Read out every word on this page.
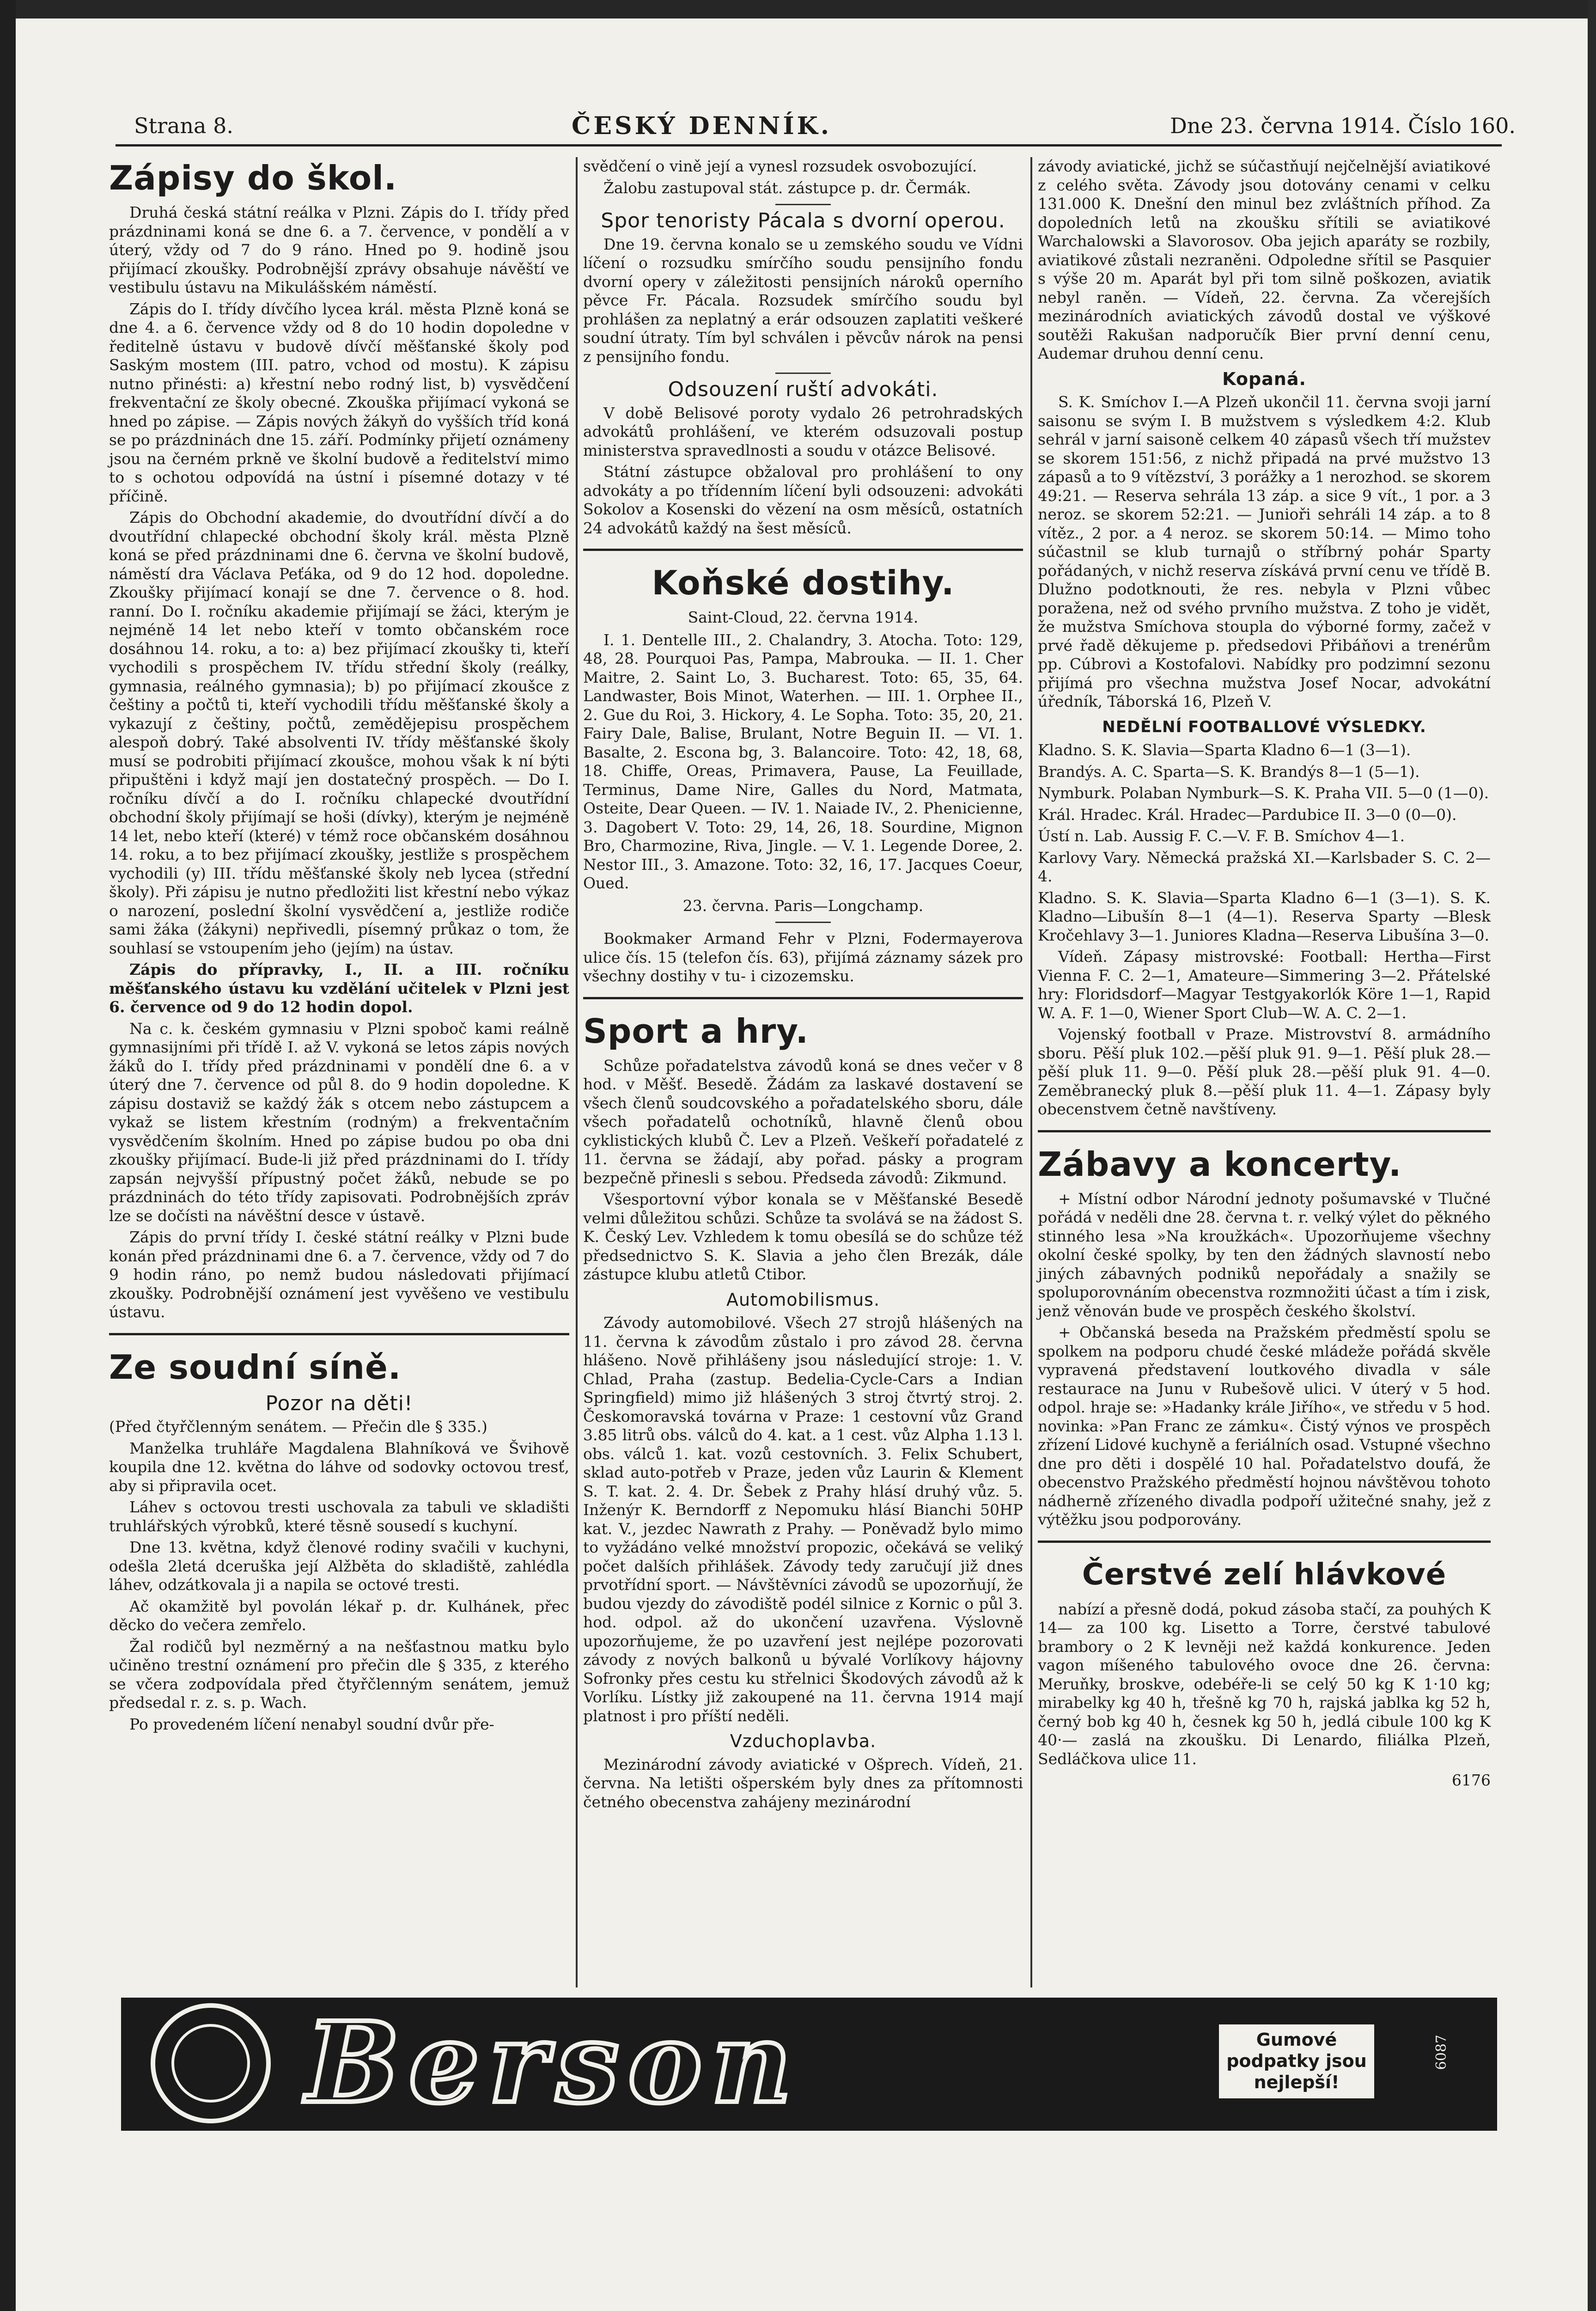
Strana 8.	ČESKÝ DENNÍK.	Dne 23. června 1914. Číslo 160.
Zápisy do škol.

Druhá česká státní reálka v Plzni. Zápis do I. třídy před prázdninami koná se dne 6. a 7. července, v pondělí a v úterý, vždy od 7 do 9 ráno. Hned po 9. hodině jsou přijímací zkoušky. Podrobnější zprávy obsahuje návěští ve vestibulu ústavu na Mikulášském náměstí.

Zápis do I. třídy dívčího lycea král. města Plzně koná se dne 4. a 6. července vždy od 8 do 10 hodin dopoledne v ředitelně ústavu v budově dívčí měšťanské školy pod Saským mostem (III. patro, vchod od mostu). K zápisu nutno přinésti: a) křestní nebo rodný list, b) vysvědčení frekventační ze školy obecné. Zkouška přijímací vykoná se hned po zápise. — Zápis nových žákyň do vyšších tříd koná se po prázdninách dne 15. září. Podmínky přijetí oznámeny jsou na černém prkně ve školní budově a ředitelství mimo to s ochotou odpovídá na ústní i písemné dotazy v té příčině.

Zápis do Obchodní akademie, do dvoutřídní dívčí a do dvoutřídní chlapecké obchodní školy král. města Plzně koná se před prázdninami dne 6. června ve školní budově, náměstí dra Václava Peťáka, od 9 do 12 hod. dopoledne. Zkoušky přijímací konají se dne 7. července o 8. hod. ranní. Do I. ročníku akademie přijímají se žáci, kterým je nejméně 14 let nebo kteří v tomto občanském roce dosáhnou 14. roku, a to: a) bez přijímací zkoušky ti, kteří vychodili s prospěchem IV. třídu střední školy (reálky, gymnasia, reálného gymnasia); b) po přijímací zkoušce z češtiny a počtů ti, kteří vychodili třídu měšťanské školy a vykazují z češtiny, počtů, zemědějepisu prospěchem alespoň dobrý. Také absolventi IV. třídy měšťanské školy musí se podrobiti přijímací zkoušce, mohou však k ní býti připuštěni i když mají jen dostatečný prospěch. — Do I. ročníku dívčí a do I. ročníku chlapecké dvoutřídní obchodní školy přijímají se hoši (dívky), kterým je nejméně 14 let, nebo kteří (které) v témž roce občanském dosáhnou 14. roku, a to bez přijímací zkoušky, jestliže s prospěchem vychodili (y) III. třídu měšťanské školy neb lycea (střední školy). Při zápisu je nutno předložiti list křestní nebo výkaz o narození, poslední školní vysvědčení a, jestliže rodiče sami žáka (žákyni) nepřivedli, písemný průkaz o tom, že souhlasí se vstoupením jeho (jejím) na ústav.

Zápis do přípravky, I., II. a III. ročníku měšťanského ústavu ku vzdělání učitelek v Plzni jest 6. července od 9 do 12 hodin dopol.

Na c. k. českém gymnasiu v Plzni spoboč kami reálně gymnasijními při třídě I. až V. vykoná se letos zápis nových žáků do I. třídy před prázdninami v pondělí dne 6. a v úterý dne 7. července od půl 8. do 9 hodin dopoledne. K zápisu dostaviž se každý žák s otcem nebo zástupcem a vykaž se listem křestním (rodným) a frekventačním vysvědčením školním. Hned po zápise budou po oba dni zkoušky přijímací. Bude-li již před prázdninami do I. třídy zapsán nejvyšší přípustný počet žáků, nebude se po prázdninách do této třídy zapisovati. Podrobnějších zpráv lze se dočísti na návěštní desce v ústavě.

Zápis do první třídy I. české státní reálky v Plzni bude konán před prázdninami dne 6. a 7. července, vždy od 7 do 9 hodin ráno, po nemž budou následovati přijímací zkoušky. Podrobnější oznámení jest vyvěšeno ve vestibulu ústavu.

Ze soudní síně.
Pozor na děti!

(Před čtyřčlenným senátem. — Přečin dle § 335.)

Manželka truhláře Magdalena Blahníková ve Švihově koupila dne 12. května do láhve od sodovky octovou tresť, aby si připravila ocet.

Láhev s octovou tresti uschovala za tabuli ve skladišti truhlářských výrobků, které těsně sousedí s kuchyní.

Dne 13. května, když členové rodiny svačili v kuchyni, odešla 2letá dceruška její Alžběta do skladiště, zahlédla láhev, odzátkovala ji a napila se octové tresti.

Ač okamžitě byl povolán lékař p. dr. Kulhánek, přec děcko do večera zemřelo.

Žal rodičů byl nezměrný a na nešťastnou matku bylo učiněno trestní oznámení pro přečin dle § 335, z kterého se včera zodpovídala před čtyřčlenným senátem, jemuž předsedal r. z. s. p. Wach.

Po provedeném líčení nenabyl soudní dvůr pře-

svědčení o vině její a vynesl rozsudek osvobozující.

Žalobu zastupoval stát. zástupce p. dr. Čermák.

Spor tenoristy Pácala s dvorní operou.

Dne 19. června konalo se u zemského soudu ve Vídni líčení o rozsudku smírčího soudu pensijního fondu dvorní opery v záležitosti pensijních nároků operního pěvce Fr. Pácala. Rozsudek smírčího soudu byl prohlášen za neplatný a erár odsouzen zaplatiti veškeré soudní útraty. Tím byl schválen i pěvcův nárok na pensi z pensijního fondu.

Odsouzení ruští advokáti.

V době Belisové poroty vydalo 26 petrohradských advokátů prohlášení, ve kterém odsuzovali postup ministerstva spravedlnosti a soudu v otázce Belisové.

Státní zástupce obžaloval pro prohlášení to ony advokáty a po třídenním líčení byli odsouzeni: advokáti Sokolov a Kosenski do vězení na osm měsíců, ostatních 24 advokátů každý na šest měsíců.

Koňské dostihy.
Saint-Cloud, 22. června 1914.

I. 1. Dentelle III., 2. Chalandry, 3. Atocha. Toto: 129, 48, 28. Pourquoi Pas, Pampa, Mabrouka. — II. 1. Cher Maitre, 2. Saint Lo, 3. Bucharest. Toto: 65, 35, 64. Landwaster, Bois Minot, Waterhen. — III. 1. Orphee II., 2. Gue du Roi, 3. Hickory, 4. Le Sopha. Toto: 35, 20, 21. Fairy Dale, Balise, Brulant, Notre Beguin II. — VI. 1. Basalte, 2. Escona bg, 3. Balancoire. Toto: 42, 18, 68, 18. Chiffe, Oreas, Primavera, Pause, La Feuillade, Terminus, Dame Nire, Galles du Nord, Matmata, Osteite, Dear Queen. — IV. 1. Naiade IV., 2. Phenicienne, 3. Dagobert V. Toto: 29, 14, 26, 18. Sourdine, Mignon Bro, Charmozine, Riva, Jingle. — V. 1. Legende Doree, 2. Nestor III., 3. Amazone. Toto: 32, 16, 17. Jacques Coeur, Oued.

23. června. Paris—Longchamp.

Bookmaker Armand Fehr v Plzni, Fodermayerova ulice čís. 15 (telefon čís. 63), přijímá záznamy sázek pro všechny dostihy v tu- i cizozemsku.

Sport a hry.

Schůze pořadatelstva závodů koná se dnes večer v 8 hod. v Měšť. Besedě. Žádám za laskavé dostavení se všech členů soudcovského a pořadatelského sboru, dále všech pořadatelů ochotníků, hlavně členů obou cyklistických klubů Č. Lev a Plzeň. Veškeří pořadatelé z 11. června se žádají, aby pořad. pásky a program bezpečně přinesli s sebou. Předseda závodů: Zikmund.

Všesportovní výbor konala se v Měšťanské Besedě velmi důležitou schůzi. Schůze ta svolává se na žádost S. K. Český Lev. Vzhledem k tomu obesílá se do schůze též předsednictvo S. K. Slavia a jeho člen Brezák, dále zástupce klubu atletů Ctibor.

Automobilismus.

Závody automobilové. Všech 27 strojů hlášených na 11. června k závodům zůstalo i pro závod 28. června hlášeno. Nově přihlášeny jsou následující stroje: 1. V. Chlad, Praha (zastup. Bedelia-Cycle-Cars a Indian Springfield) mimo již hlášených 3 stroj čtvrtý stroj. 2. Českomoravská továrna v Praze: 1 cestovní vůz Grand 3.85 litrů obs. válců do 4. kat. a 1 cest. vůz Alpha 1.13 l. obs. válců 1. kat. vozů cestovních. 3. Felix Schubert, sklad auto-potřeb v Praze, jeden vůz Laurin & Klement S. T. kat. 2. 4. Dr. Šebek z Prahy hlásí druhý vůz. 5. Inženýr K. Berndorff z Nepomuku hlásí Bianchi 50HP kat. V., jezdec Nawrath z Prahy. — Poněvadž bylo mimo to vyžádáno velké množství propozic, očekává se veliký počet dalších přihlášek. Závody tedy zaručují již dnes prvotřídní sport. — Návštěvníci závodů se upozorňují, že budou vjezdy do závodiště podél silnice z Kornic o půl 3. hod. odpol. až do ukončení uzavřena. Výslovně upozorňujeme, že po uzavření jest nejlépe pozorovati závody z nových balkonů u bývalé Vorlíkovy hájovny Sofronky přes cestu ku střelnici Škodových závodů až k Vorlíku. Lístky již zakoupené na 11. června 1914 mají platnost i pro příští neděli.

Vzduchoplavba.

Mezinárodní závody aviatické v Ošprech. Vídeň, 21. června. Na letišti ošperském byly dnes za přítomnosti četného obecenstva zahájeny mezinárodní

závody aviatické, jichž se súčastňují nejčelnější aviatikové z celého světa. Závody jsou dotovány cenami v celku 131.000 K. Dnešní den minul bez zvláštních příhod. Za dopoledních letů na zkoušku sřítili se aviatikové Warchalowski a Slavorosov. Oba jejich aparáty se rozbily, aviatikové zůstali nezraněni. Odpoledne sřítil se Pasquier s výše 20 m. Aparát byl při tom silně poškozen, aviatik nebyl raněn. — Vídeň, 22. června. Za včerejších mezinárodních aviatických závodů dostal ve výškové soutěži Rakušan nadporučík Bier první denní cenu, Audemar druhou denní cenu.

Kopaná.

S. K. Smíchov I.—A Plzeň ukončil 11. června svoji jarní saisonu se svým I. B mužstvem s výsledkem 4:2. Klub sehrál v jarní saisoně celkem 40 zápasů všech tří mužstev se skorem 151:56, z nichž připadá na prvé mužstvo 13 zápasů a to 9 vítězství, 3 porážky a 1 nerozhod. se skorem 49:21. — Reserva sehrála 13 záp. a sice 9 vít., 1 por. a 3 neroz. se skorem 52:21. — Junioři sehráli 14 záp. a to 8 vítěz., 2 por. a 4 neroz. se skorem 50:14. — Mimo toho súčastnil se klub turnajů o stříbrný pohár Sparty pořádaných, v nichž reserva získává první cenu ve třídě B. Dlužno podotknouti, že res. nebyla v Plzni vůbec poražena, než od svého prvního mužstva. Z toho je vidět, že mužstva Smíchova stoupla do výborné formy, začež v prvé řadě děkujeme p. předsedovi Přibáňovi a trenérům pp. Cúbrovi a Kostofalovi. Nabídky pro podzimní sezonu přijímá pro všechna mužstva Josef Nocar, advokátní úředník, Táborská 16, Plzeň V.

NEDĚLNÍ FOOTBALLOVÉ VÝSLEDKY.

Kladno. S. K. Slavia—Sparta Kladno 6—1 (3—1).

Brandýs. A. C. Sparta—S. K. Brandýs 8—1 (5—1).

Nymburk. Polaban Nymburk—S. K. Praha VII. 5—0 (1—0).

Král. Hradec. Král. Hradec—Pardubice II. 3—0 (0—0).

Ústí n. Lab. Aussig F. C.—V. F. B. Smíchov 4—1.

Karlovy Vary. Německá pražská XI.—Karlsbader S. C. 2—4.

Kladno. S. K. Slavia—Sparta Kladno 6—1 (3—1). S. K. Kladno—Libušín 8—1 (4—1). Reserva Sparty —Blesk Kročehlavy 3—1. Juniores Kladna—Reserva Libušína 3—0.

Vídeň. Zápasy mistrovské: Football: Hertha—First Vienna F. C. 2—1, Amateure—Simmering 3—2. Přátelské hry: Floridsdorf—Magyar Testgyakorlók Köre 1—1, Rapid W. A. F. 1—0, Wiener Sport Club—W. A. C. 2—1.

Vojenský football v Praze. Mistrovství 8. armádního sboru. Pěší pluk 102.—pěší pluk 91. 9—1. Pěší pluk 28.—pěší pluk 11. 9—0. Pěší pluk 28.—pěší pluk 91. 4—0. Zeměbranecký pluk 8.—pěší pluk 11. 4—1. Zápasy byly obecenstvem četně navštíveny.

Zábavy a koncerty.

+ Místní odbor Národní jednoty pošumavské v Tlučné pořádá v neděli dne 28. června t. r. velký výlet do pěkného stinného lesa »Na kroužkách«. Upozorňujeme všechny okolní české spolky, by ten den žádných slavností nebo jiných zábavných podniků nepořádaly a snažily se spoluporovnáním obecenstva rozmnožiti účast a tím i zisk, jenž věnován bude ve prospěch českého školství.

+ Občanská beseda na Pražském předměstí spolu se spolkem na podporu chudé české mládeže pořádá skvěle vypravená představení loutkového divadla v sále restaurace na Junu v Rubešově ulici. V úterý v 5 hod. odpol. hraje se: »Hadanky krále Jiřího«, ve středu v 5 hod. novinka: »Pan Franc ze zámku«. Čistý výnos ve prospěch zřízení Lidové kuchyně a feriálních osad. Vstupné všechno dne pro děti i dospělé 10 hal. Pořadatelstvo doufá, že obecenstvo Pražského předměstí hojnou návštěvou tohoto nádherně zřízeného divadla podpoří užitečné snahy, jež z výtěžku jsou podporovány.

Čerstvé zelí hlávkové

nabízí a přesně dodá, pokud zásoba stačí, za pouhých K 14— za 100 kg. Lisetto a Torre, čerstvé tabulové brambory o 2 K levněji než každá konkurence. Jeden vagon míšeného tabulového ovoce dne 26. června: Meruňky, broskve, odebéře-li se celý 50 kg K 1·10 kg; mirabelky kg 40 h, třešně kg 70 h, rajská jablka kg 52 h, černý bob kg 40 h, česnek kg 50 h, jedlá cibule 100 kg K 40·— zaslá na zkoušku. Di Lenardo, filiálka Plzeň, Sedláčkova ulice 11.

6176
Berson	Gumové podpatky jsou nejlepší!
6087
